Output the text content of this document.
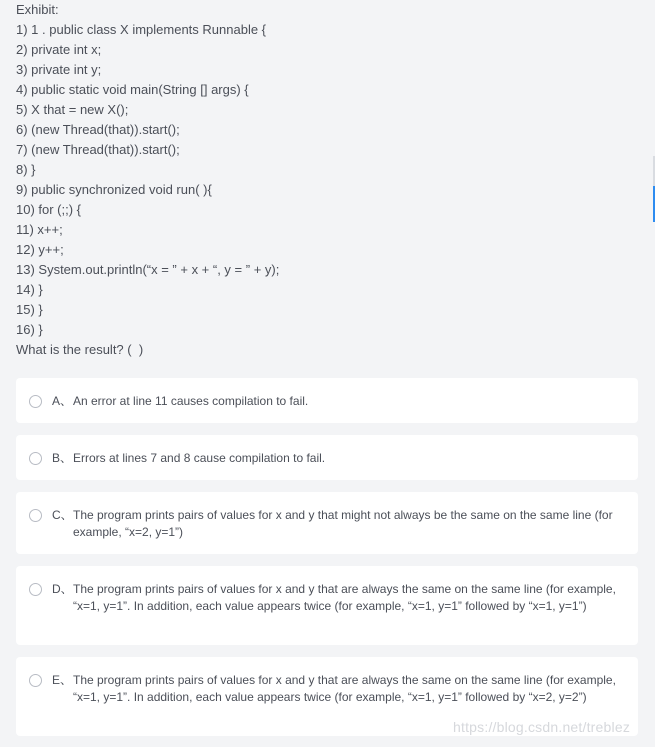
Exhibit:
1) 1 . public class X implements Runnable {
2) private int x;
3) private int y;
4) public static void main(String [] args) {
5) X that = new X();
6) (new Thread(that)).start();
7) (new Thread(that)).start();
8) }
9) public synchronized void run( ){
10) for (;;) {
11) x++;
12) y++;
13) System.out.println(“x = ” + x + “, y = ” + y);
14) }
15) }
16) }
What is the result? (  )
A、 An error at line 11 causes compilation to fail.
B、 Errors at lines 7 and 8 cause compilation to fail.
C、 The program prints pairs of values for x and y that might not always be the same on the same line (for example, “x=2, y=1”)
D、 The program prints pairs of values for x and y that are always the same on the same line (for example, “x=1, y=1”. In addition, each value appears twice (for example, “x=1, y=1” followed by “x=1, y=1”)
E、 The program prints pairs of values for x and y that are always the same on the same line (for example, “x=1, y=1”. In addition, each value appears twice (for example, “x=1, y=1” followed by “x=2, y=2”)
https://blog.csdn.net/treblez
